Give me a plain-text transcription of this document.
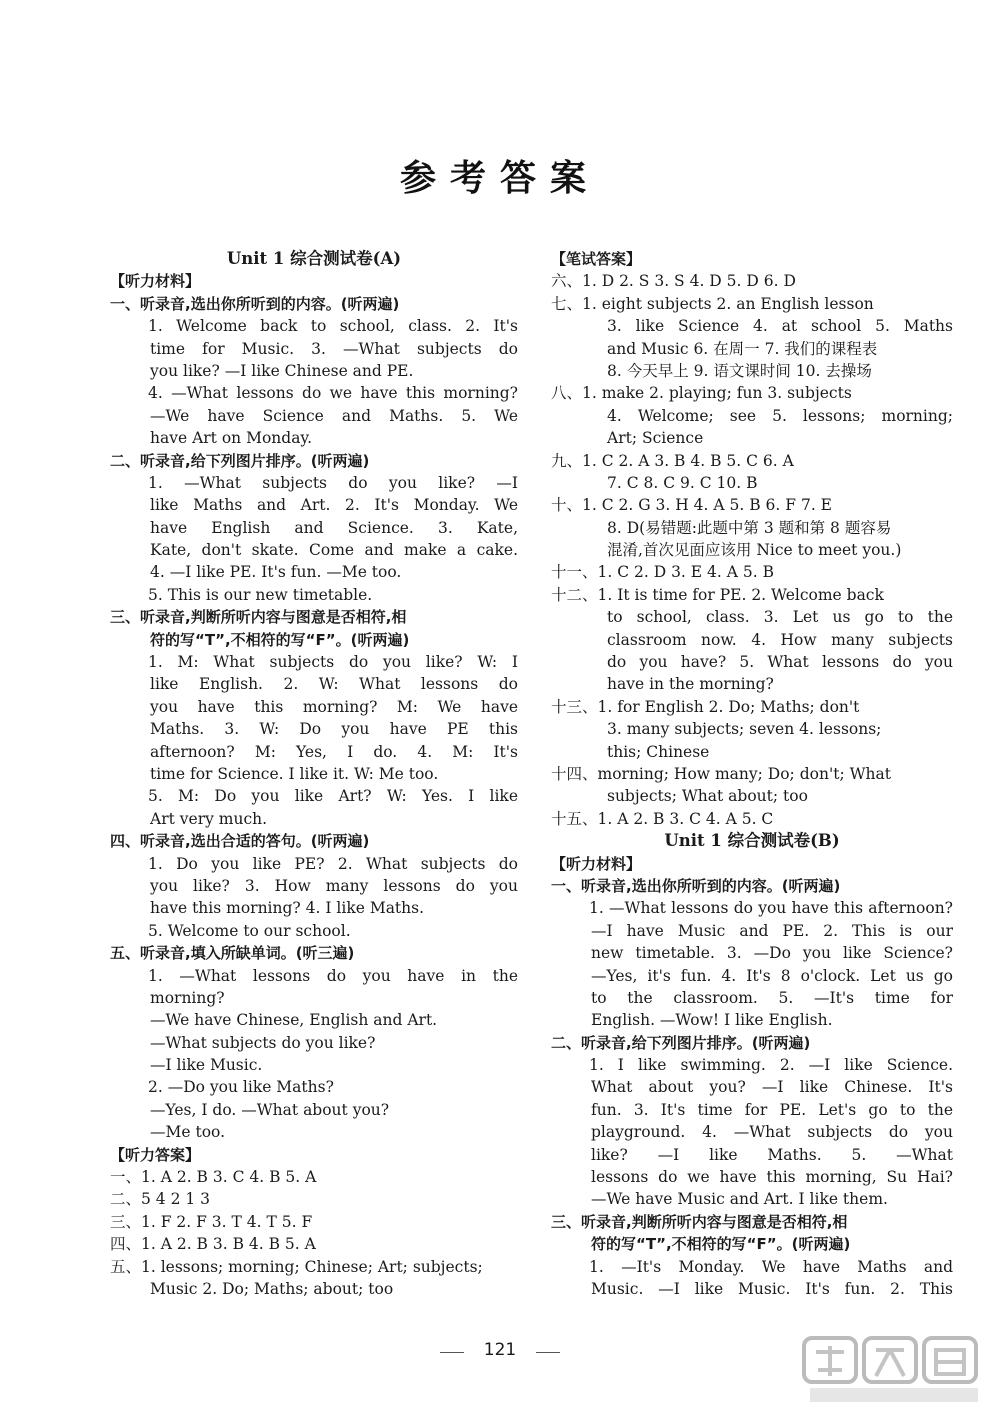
参考答案
Unit 1 综合测试卷(A)
【听力材料】
一、听录音,选出你所听到的内容。(听两遍)
1. Welcome back to school, class. 2. It's
time for Music. 3. —What subjects do
you like? —I like Chinese and PE.
4. —What lessons do we have this morning?
—We have Science and Maths. 5. We
have Art on Monday.
二、听录音,给下列图片排序。(听两遍)
1. —What subjects do you like? —I
like Maths and Art. 2. It's Monday. We
have English and Science. 3. Kate,
Kate, don't skate. Come and make a cake.
4. —I like PE. It's fun. —Me too.
5. This is our new timetable.
三、听录音,判断所听内容与图意是否相符,相
符的写“T”,不相符的写“F”。(听两遍)
1. M: What subjects do you like? W: I
like English. 2. W: What lessons do
you have this morning? M: We have
Maths. 3. W: Do you have PE this
afternoon? M: Yes, I do. 4. M: It's
time for Science. I like it. W: Me too.
5. M: Do you like Art? W: Yes. I like
Art very much.
四、听录音,选出合适的答句。(听两遍)
1. Do you like PE? 2. What subjects do
you like? 3. How many lessons do you
have this morning? 4. I like Maths.
5. Welcome to our school.
五、听录音,填入所缺单词。(听三遍)
1. —What lessons do you have in the
morning?
—We have Chinese, English and Art.
—What subjects do you like?
—I like Music.
2. —Do you like Maths?
—Yes, I do. —What about you?
—Me too.
【听力答案】
一、1. A 2. B 3. C 4. B 5. A
二、5 4 2 1 3
三、1. F 2. F 3. T 4. T 5. F
四、1. A 2. B 3. B 4. B 5. A
五、1. lessons; morning; Chinese; Art; subjects;
Music 2. Do; Maths; about; too
【笔试答案】
六、1. D 2. S 3. S 4. D 5. D 6. D
七、1. eight subjects 2. an English lesson
3. like Science 4. at school 5. Maths
and Music 6. 在周一 7. 我们的课程表
8. 今天早上 9. 语文课时间 10. 去操场
八、1. make 2. playing; fun 3. subjects
4. Welcome; see 5. lessons; morning;
Art; Science
九、1. C 2. A 3. B 4. B 5. C 6. A
7. C 8. C 9. C 10. B
十、1. C 2. G 3. H 4. A 5. B 6. F 7. E
8. D(易错题:此题中第 3 题和第 8 题容易
混淆,首次见面应该用 Nice to meet you.)
十一、1. C 2. D 3. E 4. A 5. B
十二、1. It is time for PE. 2. Welcome back
to school, class. 3. Let us go to the
classroom now. 4. How many subjects
do you have? 5. What lessons do you
have in the morning?
十三、1. for English 2. Do; Maths; don't
3. many subjects; seven 4. lessons;
this; Chinese
十四、morning; How many; Do; don't; What
subjects; What about; too
十五、1. A 2. B 3. C 4. A 5. C
Unit 1 综合测试卷(B)
【听力材料】
一、听录音,选出你所听到的内容。(听两遍)
1. —What lessons do you have this afternoon?
—I have Music and PE. 2. This is our
new timetable. 3. —Do you like Science?
—Yes, it's fun. 4. It's 8 o'clock. Let us go
to the classroom. 5. —It's time for
English. —Wow! I like English.
二、听录音,给下列图片排序。(听两遍)
1. I like swimming. 2. —I like Science.
What about you? —I like Chinese. It's
fun. 3. It's time for PE. Let's go to the
playground. 4. —What subjects do you
like? —I like Maths. 5. —What
lessons do we have this morning, Su Hai?
—We have Music and Art. I like them.
三、听录音,判断所听内容与图意是否相符,相
符的写“T”,不相符的写“F”。(听两遍)
1. —It's Monday. We have Maths and
Music. —I like Music. It's fun. 2. This
121
